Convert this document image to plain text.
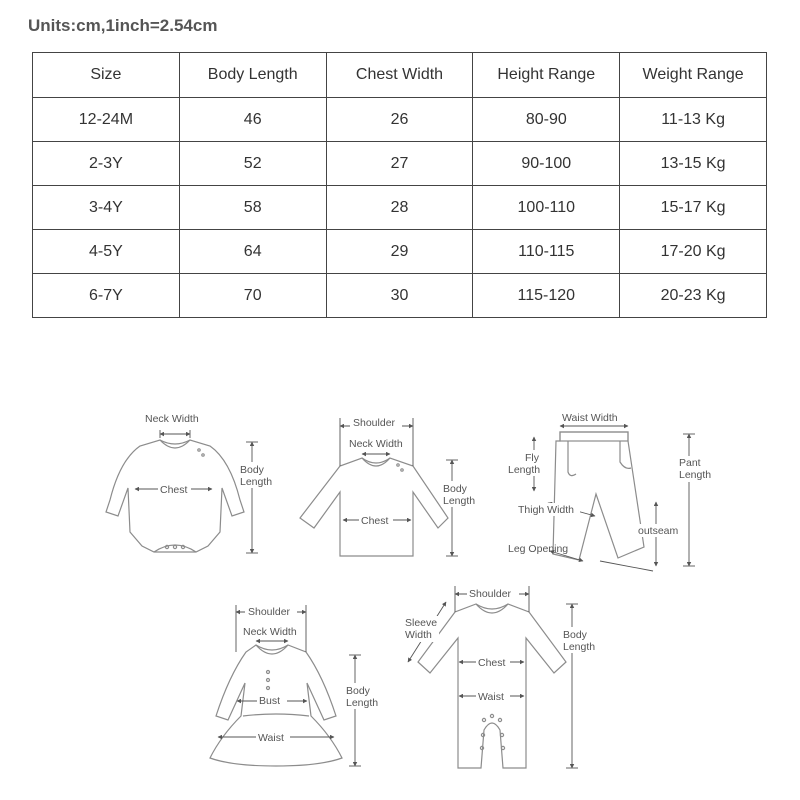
Units:cm,1inch=2.54cm
Size	Body Length	Chest Width	Height Range	Weight Range
12-24M	46	26	80-90	11-13 Kg
2-3Y	52	27	90-100	13-15 Kg
3-4Y	58	28	100-110	15-17 Kg
4-5Y	64	29	110-115	17-20 Kg
6-7Y	70	30	115-120	20-23 Kg
Neck Width
Chest
Body
Length
Shoulder
Neck Width
Chest
Body
Length
Waist Width
Fly
Length
Pant
Length
Thigh Width
outseam
Leg Opening
Shoulder
Neck Width
Bust
Waist
Body
Length
Shoulder
Sleeve
Width
Chest
Waist
Body
Length
